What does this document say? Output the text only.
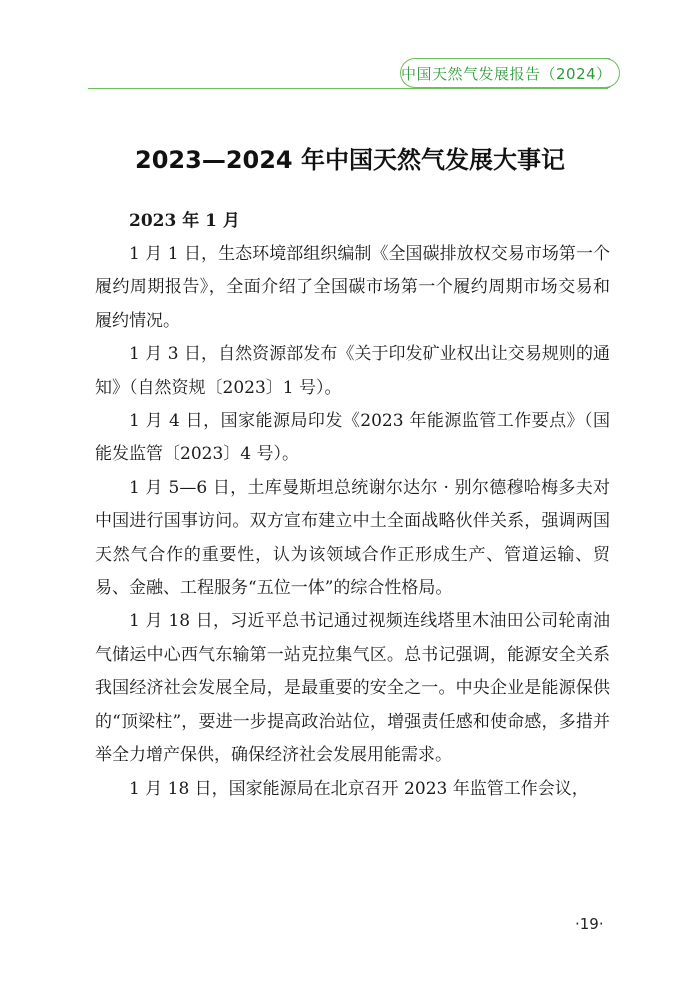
中国天然气发展报告（2024）
2023—2024 年中国天然气发展大事记

2023 年 1 月

1 月 1 日，生态环境部组织编制《全国碳排放权交易市场第一个履约周期报告》，全面介绍了全国碳市场第一个履约周期市场交易和履约情况。

1 月 3 日，自然资源部发布《关于印发矿业权出让交易规则的通知》（自然资规〔2023〕1 号）。

1 月 4 日，国家能源局印发《2023 年能源监管工作要点》（国能发监管〔2023〕4 号）。

1 月 5—6 日，土库曼斯坦总统谢尔达尔 · 别尔德穆哈梅多夫对中国进行国事访问。双方宣布建立中土全面战略伙伴关系，强调两国天然气合作的重要性，认为该领域合作正形成生产、管道运输、贸易、金融、工程服务“五位一体”的综合性格局。

1 月 18 日，习近平总书记通过视频连线塔里木油田公司轮南油气储运中心西气东输第一站克拉集气区。总书记强调，能源安全关系我国经济社会发展全局，是最重要的安全之一。中央企业是能源保供的“顶梁柱”，要进一步提高政治站位，增强责任感和使命感，多措并举全力增产保供，确保经济社会发展用能需求。

1 月 18 日，国家能源局在北京召开 2023 年监管工作会议，

·19·
